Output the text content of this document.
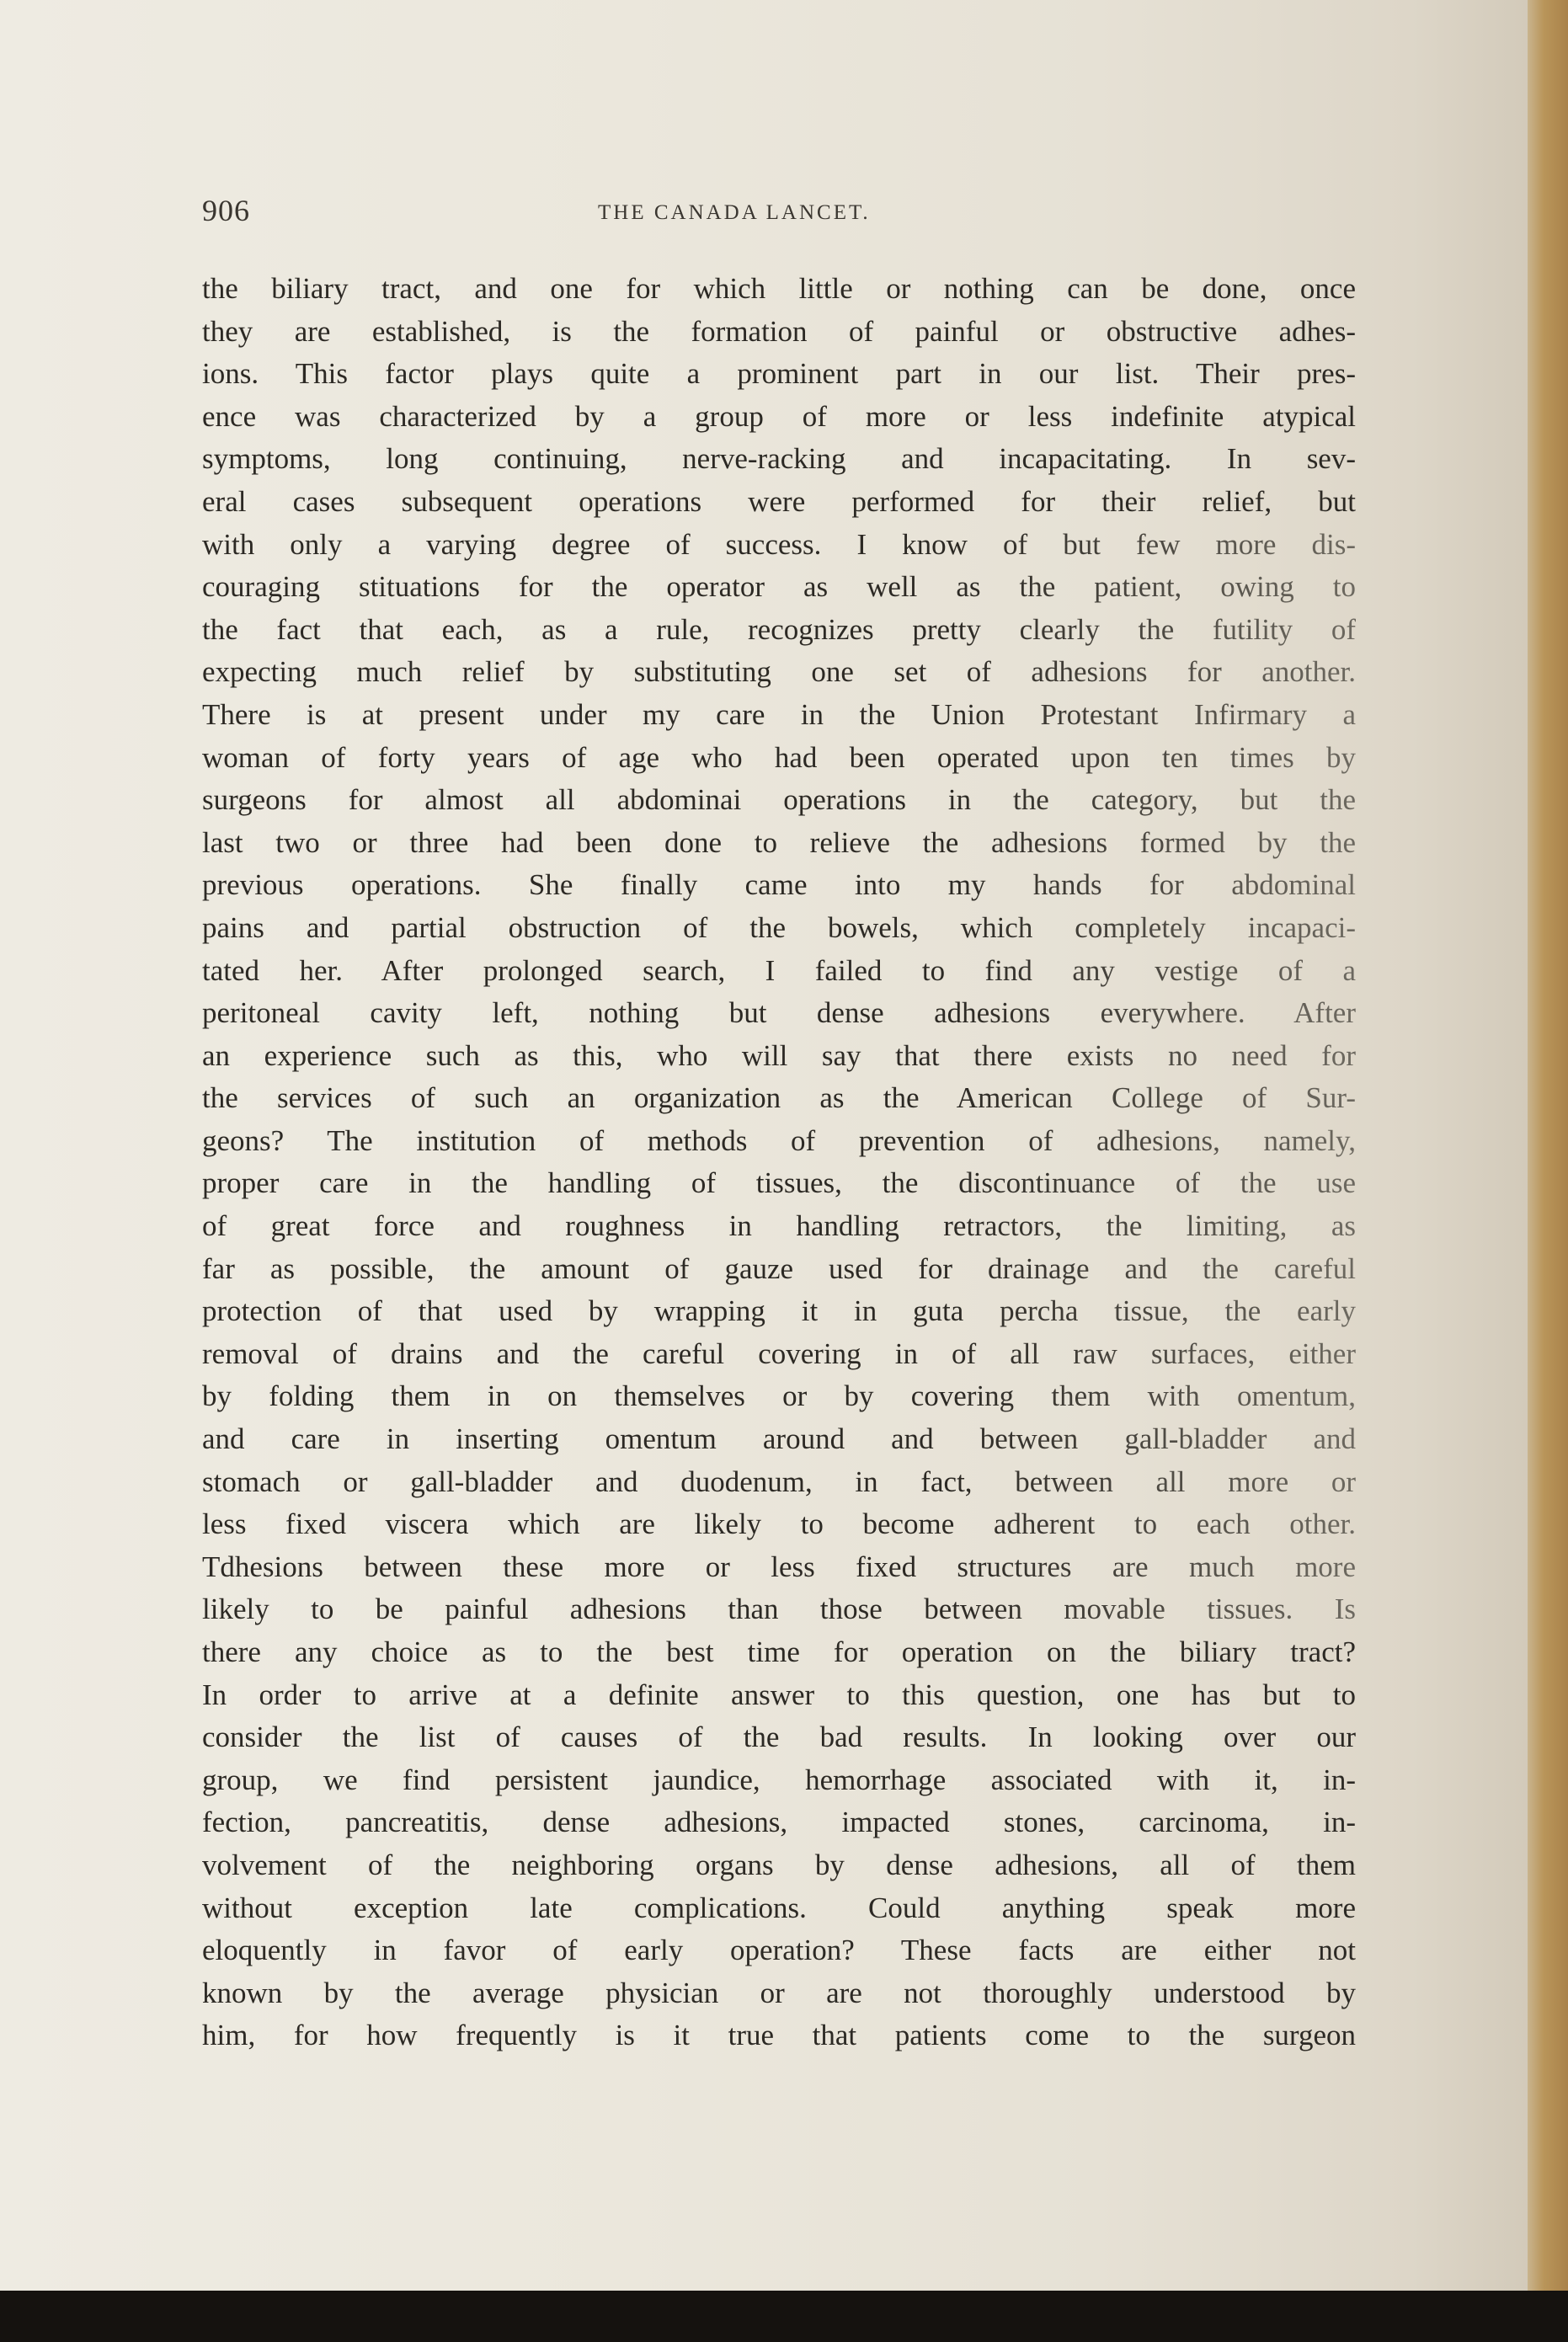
906	THE CANADA LANCET.
the biliary tract, and one for which little or nothing can be done, once
they are established, is the formation of painful or obstructive adhes-
ions. This factor plays quite a prominent part in our list. Their pres-
ence was characterized by a group of more or less indefinite atypical
symptoms, long continuing, nerve-racking and incapacitating. In sev-
eral cases subsequent operations were performed for their relief, but
with only a varying degree of success. I know of but few more dis-
couraging stituations for the operator as well as the patient, owing to
the fact that each, as a rule, recognizes pretty clearly the futility of
expecting much relief by substituting one set of adhesions for another.
There is at present under my care in the Union Protestant Infirmary a
woman of forty years of age who had been operated upon ten times by
surgeons for almost all abdominai operations in the category, but the
last two or three had been done to relieve the adhesions formed by the
previous operations. She finally came into my hands for abdominal
pains and partial obstruction of the bowels, which completely incapaci-
tated her. After prolonged search, I failed to find any vestige of a
peritoneal cavity left, nothing but dense adhesions everywhere. After
an experience such as this, who will say that there exists no need for
the services of such an organization as the American College of Sur-
geons? The institution of methods of prevention of adhesions, namely,
proper care in the handling of tissues, the discontinuance of the use
of great force and roughness in handling retractors, the limiting, as
far as possible, the amount of gauze used for drainage and the careful
protection of that used by wrapping it in guta percha tissue, the early
removal of drains and the careful covering in of all raw surfaces, either
by folding them in on themselves or by covering them with omentum,
and care in inserting omentum around and between gall-bladder and
stomach or gall-bladder and duodenum, in fact, between all more or
less fixed viscera which are likely to become adherent to each other.
Tdhesions between these more or less fixed structures are much more
likely to be painful adhesions than those between movable tissues. Is
there any choice as to the best time for operation on the biliary tract?
In order to arrive at a definite answer to this question, one has but to
consider the list of causes of the bad results. In looking over our
group, we find persistent jaundice, hemorrhage associated with it, in-
fection, pancreatitis, dense adhesions, impacted stones, carcinoma, in-
volvement of the neighboring organs by dense adhesions, all of them
without exception late complications. Could anything speak more
eloquently in favor of early operation? These facts are either not
known by the average physician or are not thoroughly understood by
him, for how frequently is it true that patients come to the surgeon
